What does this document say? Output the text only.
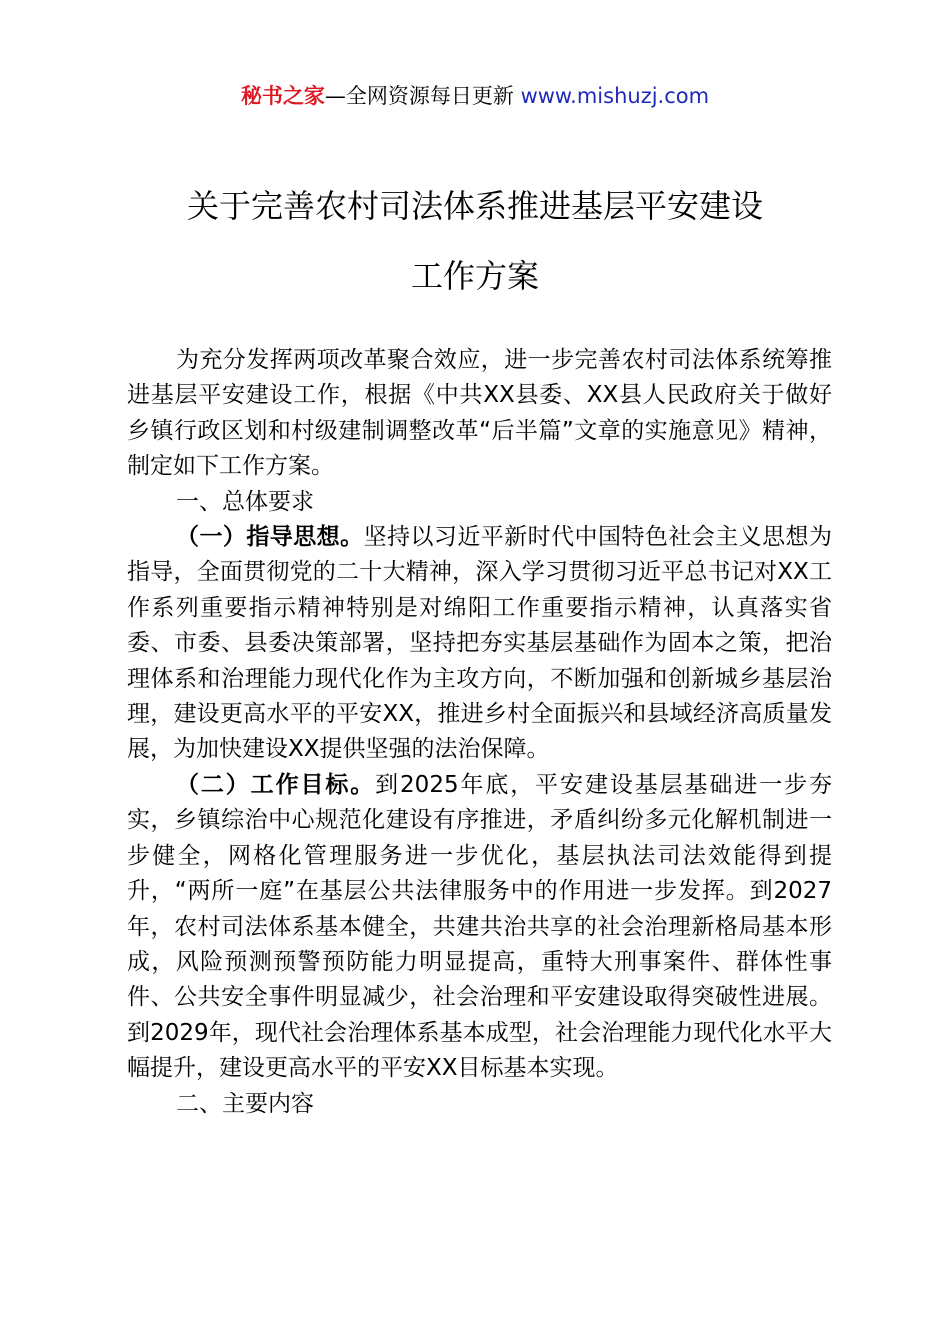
秘书之家—全网资源每日更新 www.mishuzj.com
关于完善农村司法体系推进基层平安建设
工作方案

为充分发挥两项改革聚合效应，进一步完善农村司法体系统筹推进基层平安建设工作，根据《中共XX县委、XX县人民政府关于做好乡镇行政区划和村级建制调整改革“后半篇”文章的实施意见》精神，制定如下工作方案。

一、总体要求

（一）指导思想。坚持以习近平新时代中国特色社会主义思想为指导，全面贯彻党的二十大精神，深入学习贯彻习近平总书记对XX工作系列重要指示精神特别是对绵阳工作重要指示精神，认真落实省委、市委、县委决策部署，坚持把夯实基层基础作为固本之策，把治理体系和治理能力现代化作为主攻方向，不断加强和创新城乡基层治理，建设更高水平的平安XX，推进乡村全面振兴和县域经济高质量发展，为加快建设XX提供坚强的法治保障。

（二）工作目标。到2025年底，平安建设基层基础进一步夯实，乡镇综治中心规范化建设有序推进，矛盾纠纷多元化解机制进一步健全，网格化管理服务进一步优化，基层执法司法效能得到提升，“两所一庭”在基层公共法律服务中的作用进一步发挥。到2027年，农村司法体系基本健全，共建共治共享的社会治理新格局基本形成，风险预测预警预防能力明显提高，重特大刑事案件、群体性事件、公共安全事件明显减少，社会治理和平安建设取得突破性进展。到2029年，现代社会治理体系基本成型，社会治理能力现代化水平大幅提升，建设更高水平的平安XX目标基本实现。

二、主要内容
